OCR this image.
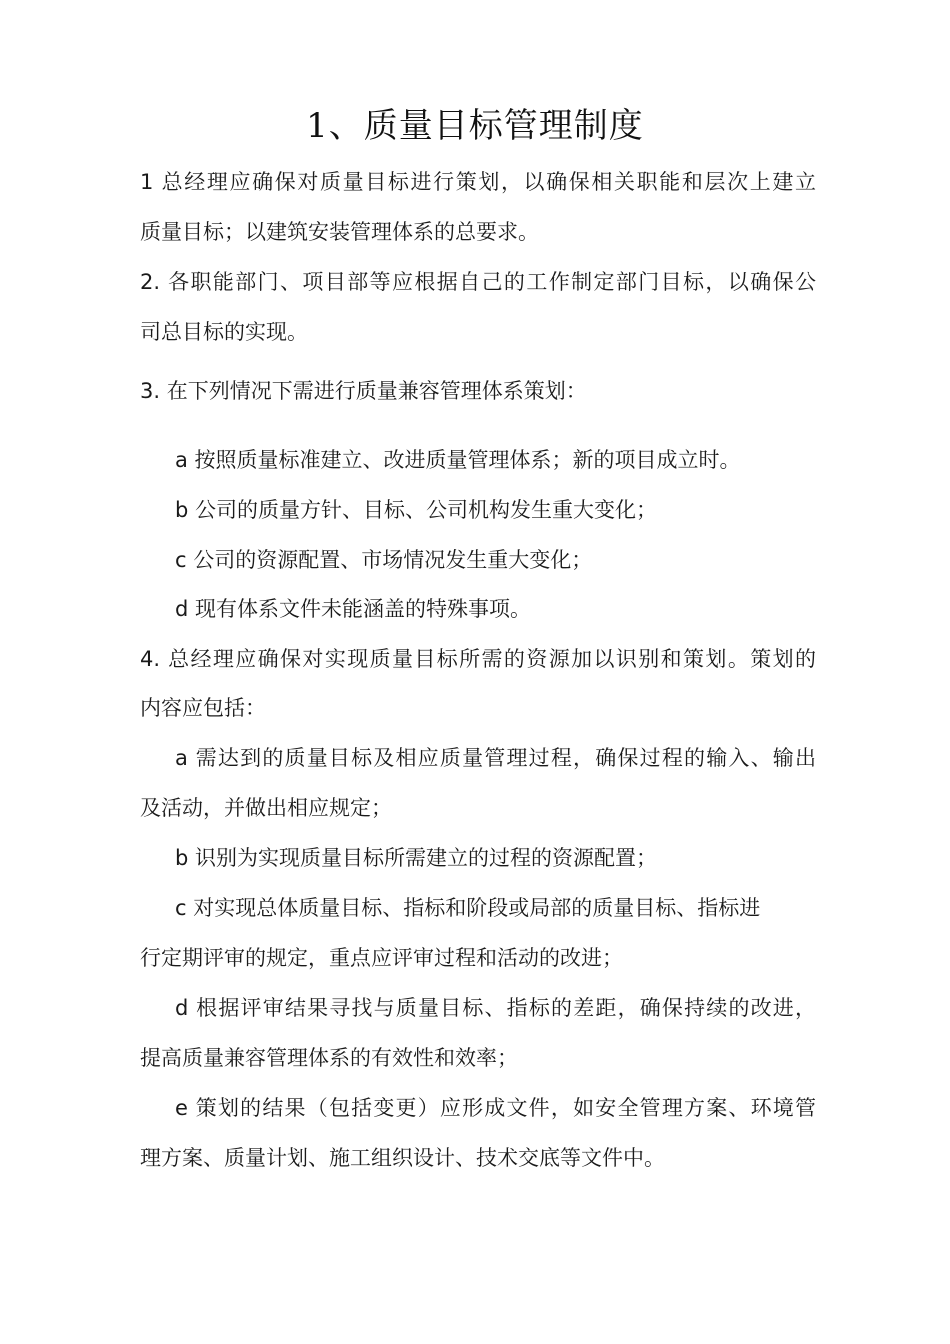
1、质量目标管理制度
1 总经理应确保对质量目标进行策划，以确保相关职能和层次上建立
质量目标；以建筑安装管理体系的总要求。
2. 各职能部门、项目部等应根据自己的工作制定部门目标，以确保公
司总目标的实现。
3. 在下列情况下需进行质量兼容管理体系策划：
a 按照质量标准建立、改进质量管理体系；新的项目成立时。
b 公司的质量方针、目标、公司机构发生重大变化；
c 公司的资源配置、市场情况发生重大变化；
d 现有体系文件未能涵盖的特殊事项。
4. 总经理应确保对实现质量目标所需的资源加以识别和策划。策划的
内容应包括：
a 需达到的质量目标及相应质量管理过程，确保过程的输入、输出
及活动，并做出相应规定；
b 识别为实现质量目标所需建立的过程的资源配置；
c 对实现总体质量目标、指标和阶段或局部的质量目标、指标进
行定期评审的规定，重点应评审过程和活动的改进；
d 根据评审结果寻找与质量目标、指标的差距，确保持续的改进，
提高质量兼容管理体系的有效性和效率；
e 策划的结果（包括变更）应形成文件，如安全管理方案、环境管
理方案、质量计划、施工组织设计、技术交底等文件中。
